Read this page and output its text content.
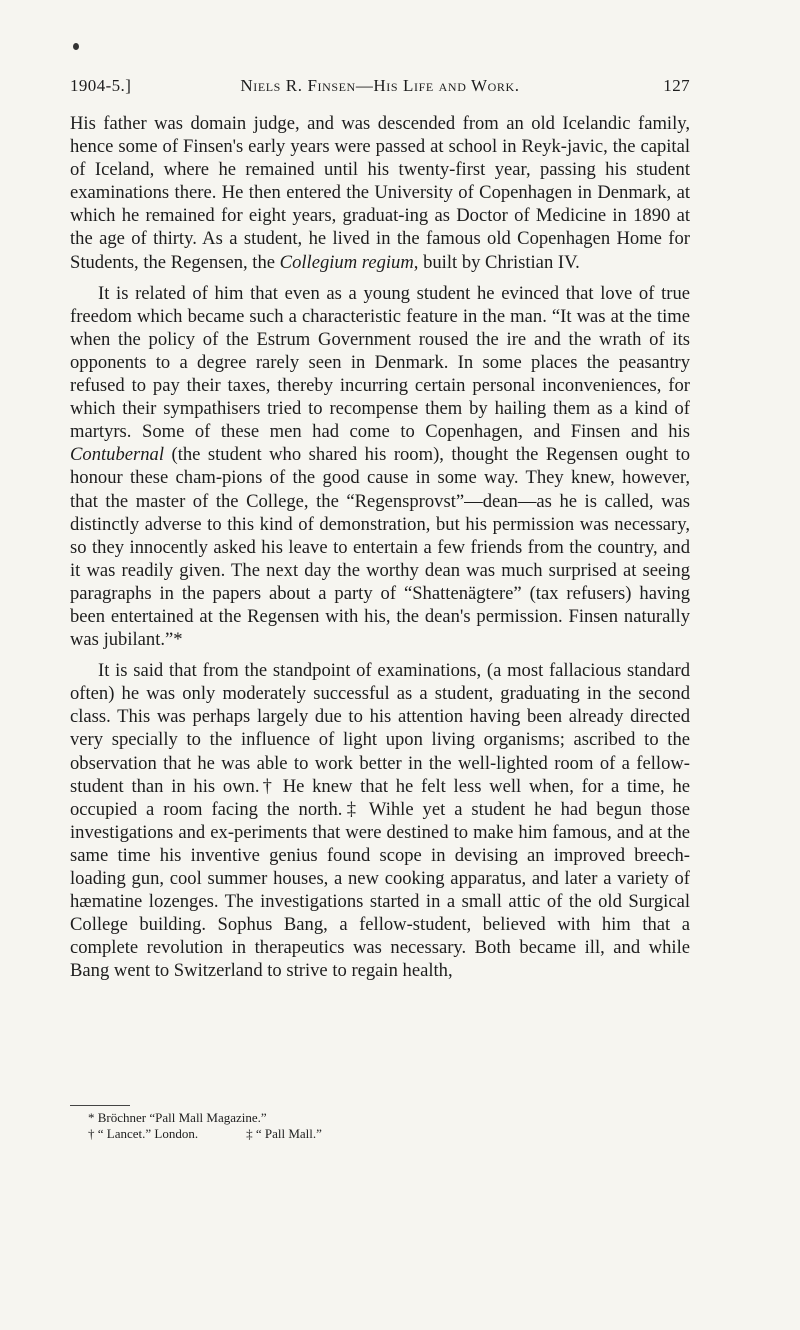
1904-5.]	Niels R. Finsen—His Life and Work.	127

His father was domain judge, and was descended from an old Icelandic family, hence some of Finsen's early years were passed at school in Reyk-javic, the capital of Iceland, where he remained until his twenty-first year, passing his student examinations there. He then entered the University of Copenhagen in Denmark, at which he remained for eight years, graduat-ing as Doctor of Medicine in 1890 at the age of thirty. As a student, he lived in the famous old Copenhagen Home for Students, the Regensen, the Collegium regium, built by Christian IV.

It is related of him that even as a young student he evinced that love of true freedom which became such a characteristic feature in the man. “It was at the time when the policy of the Estrum Government roused the ire and the wrath of its opponents to a degree rarely seen in Denmark. In some places the peasantry refused to pay their taxes, thereby incurring certain personal inconveniences, for which their sympathisers tried to recompense them by hailing them as a kind of martyrs. Some of these men had come to Copenhagen, and Finsen and his Contubernal (the student who shared his room), thought the Regensen ought to honour these cham-pions of the good cause in some way. They knew, however, that the master of the College, the “Regensprovst”—dean—as he is called, was distinctly adverse to this kind of demonstration, but his permission was necessary, so they innocently asked his leave to entertain a few friends from the country, and it was readily given. The next day the worthy dean was much surprised at seeing paragraphs in the papers about a party of “Shattenägtere” (tax refusers) having been entertained at the Regensen with his, the dean's permission. Finsen naturally was jubilant.”*

It is said that from the standpoint of examinations, (a most fallacious standard often) he was only moderately successful as a student, graduating in the second class. This was perhaps largely due to his attention having been already directed very specially to the influence of light upon living organisms; ascribed to the observation that he was able to work better in the well-lighted room of a fellow-student than in his own.† He knew that he felt less well when, for a time, he occupied a room facing the north.‡ Wihle yet a student he had begun those investigations and ex-periments that were destined to make him famous, and at the same time his inventive genius found scope in devising an improved breech-loading gun, cool summer houses, a new cooking apparatus, and later a variety of hæmatine lozenges. The investigations started in a small attic of the old Surgical College building. Sophus Bang, a fellow-student, believed with him that a complete revolution in therapeutics was necessary. Both became ill, and while Bang went to Switzerland to strive to regain health,

* Bröchner “Pall Mall Magazine.”
† “ Lancet.” London.	‡ “ Pall Mall.”
